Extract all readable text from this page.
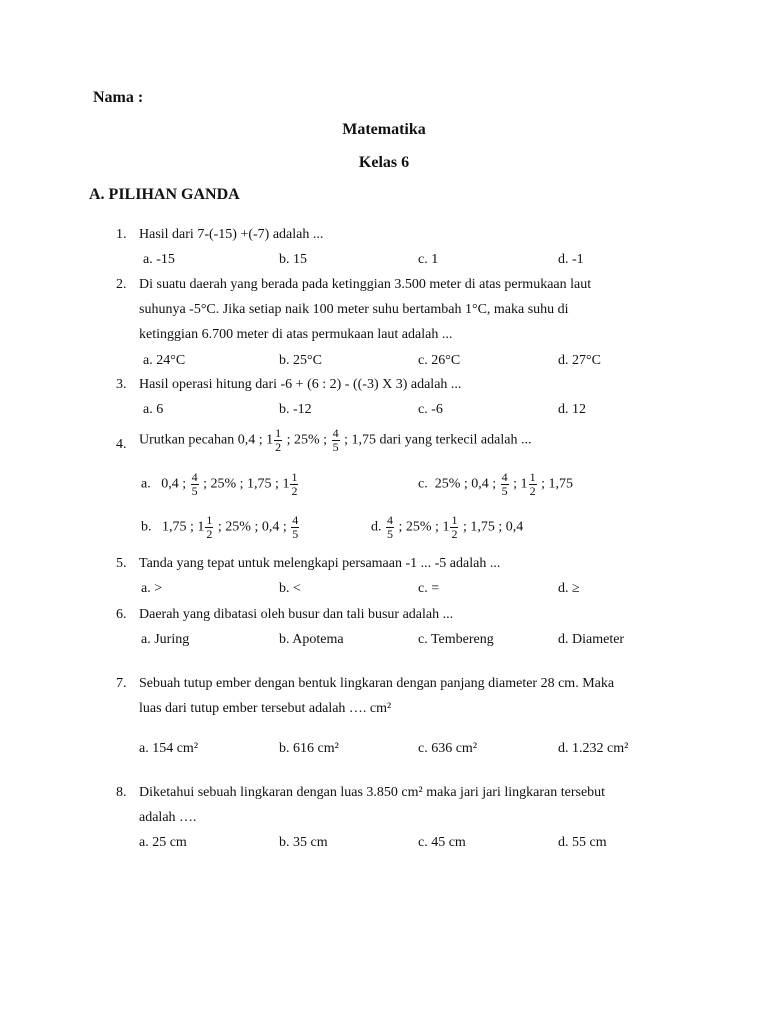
Nama :
Matematika
Kelas 6
A. PILIHAN GANDA
1. Hasil dari 7-(-15) +(-7) adalah ...
a. -15	b. 15	c. 1	d. -1
2. Di suatu daerah yang berada pada ketinggian 3.500 meter di atas permukaan laut
suhunya -5°C. Jika setiap naik 100 meter suhu bertambah 1°C, maka suhu di
ketinggian 6.700 meter di atas permukaan laut adalah ...
a. 24°C	b. 25°C	c. 26°C	d. 27°C
3. Hasil operasi hitung dari -6 + (6 : 2) - ((-3) X 3) adalah ...
a. 6	b. -12	c. -6	d. 12
4. Urutkan pecahan 0,4 ; $1 \frac{1}{2}$ ; 25% ; $\frac{4}{5}$ ; 1,75 dari yang terkecil adalah ...
a. 0,4 ; $\frac{4}{5}$ ; 25% ; 1,75 ; $1 \frac{1}{2}$	c. 25% ; 0,4 ; $\frac{4}{5}$ ; $1 \frac{1}{2}$ ; 1,75
b. 1,75 ; $1 \frac{1}{2}$ ; 25% ; 0,4 ; $\frac{4}{5}$	d. $\frac{4}{5}$ ; 25% ; $1 \frac{1}{2}$ ; 1,75 ; 0,4
5. Tanda yang tepat untuk melengkapi persamaan -1 ... -5 adalah ...
a. >	b. <	c. =	d. ≥
6. Daerah yang dibatasi oleh busur dan tali busur adalah ...
a. Juring	b. Apotema	c. Tembereng	d. Diameter
7. Sebuah tutup ember dengan bentuk lingkaran dengan panjang diameter 28 cm. Maka
luas dari tutup ember tersebut adalah …. cm²
a. 154 cm²	b. 616 cm²	c. 636 cm²	d. 1.232 cm²
8. Diketahui sebuah lingkaran dengan luas 3.850 cm² maka jari jari lingkaran tersebut
adalah ….
a. 25 cm	b. 35 cm	c. 45 cm	d. 55 cm
